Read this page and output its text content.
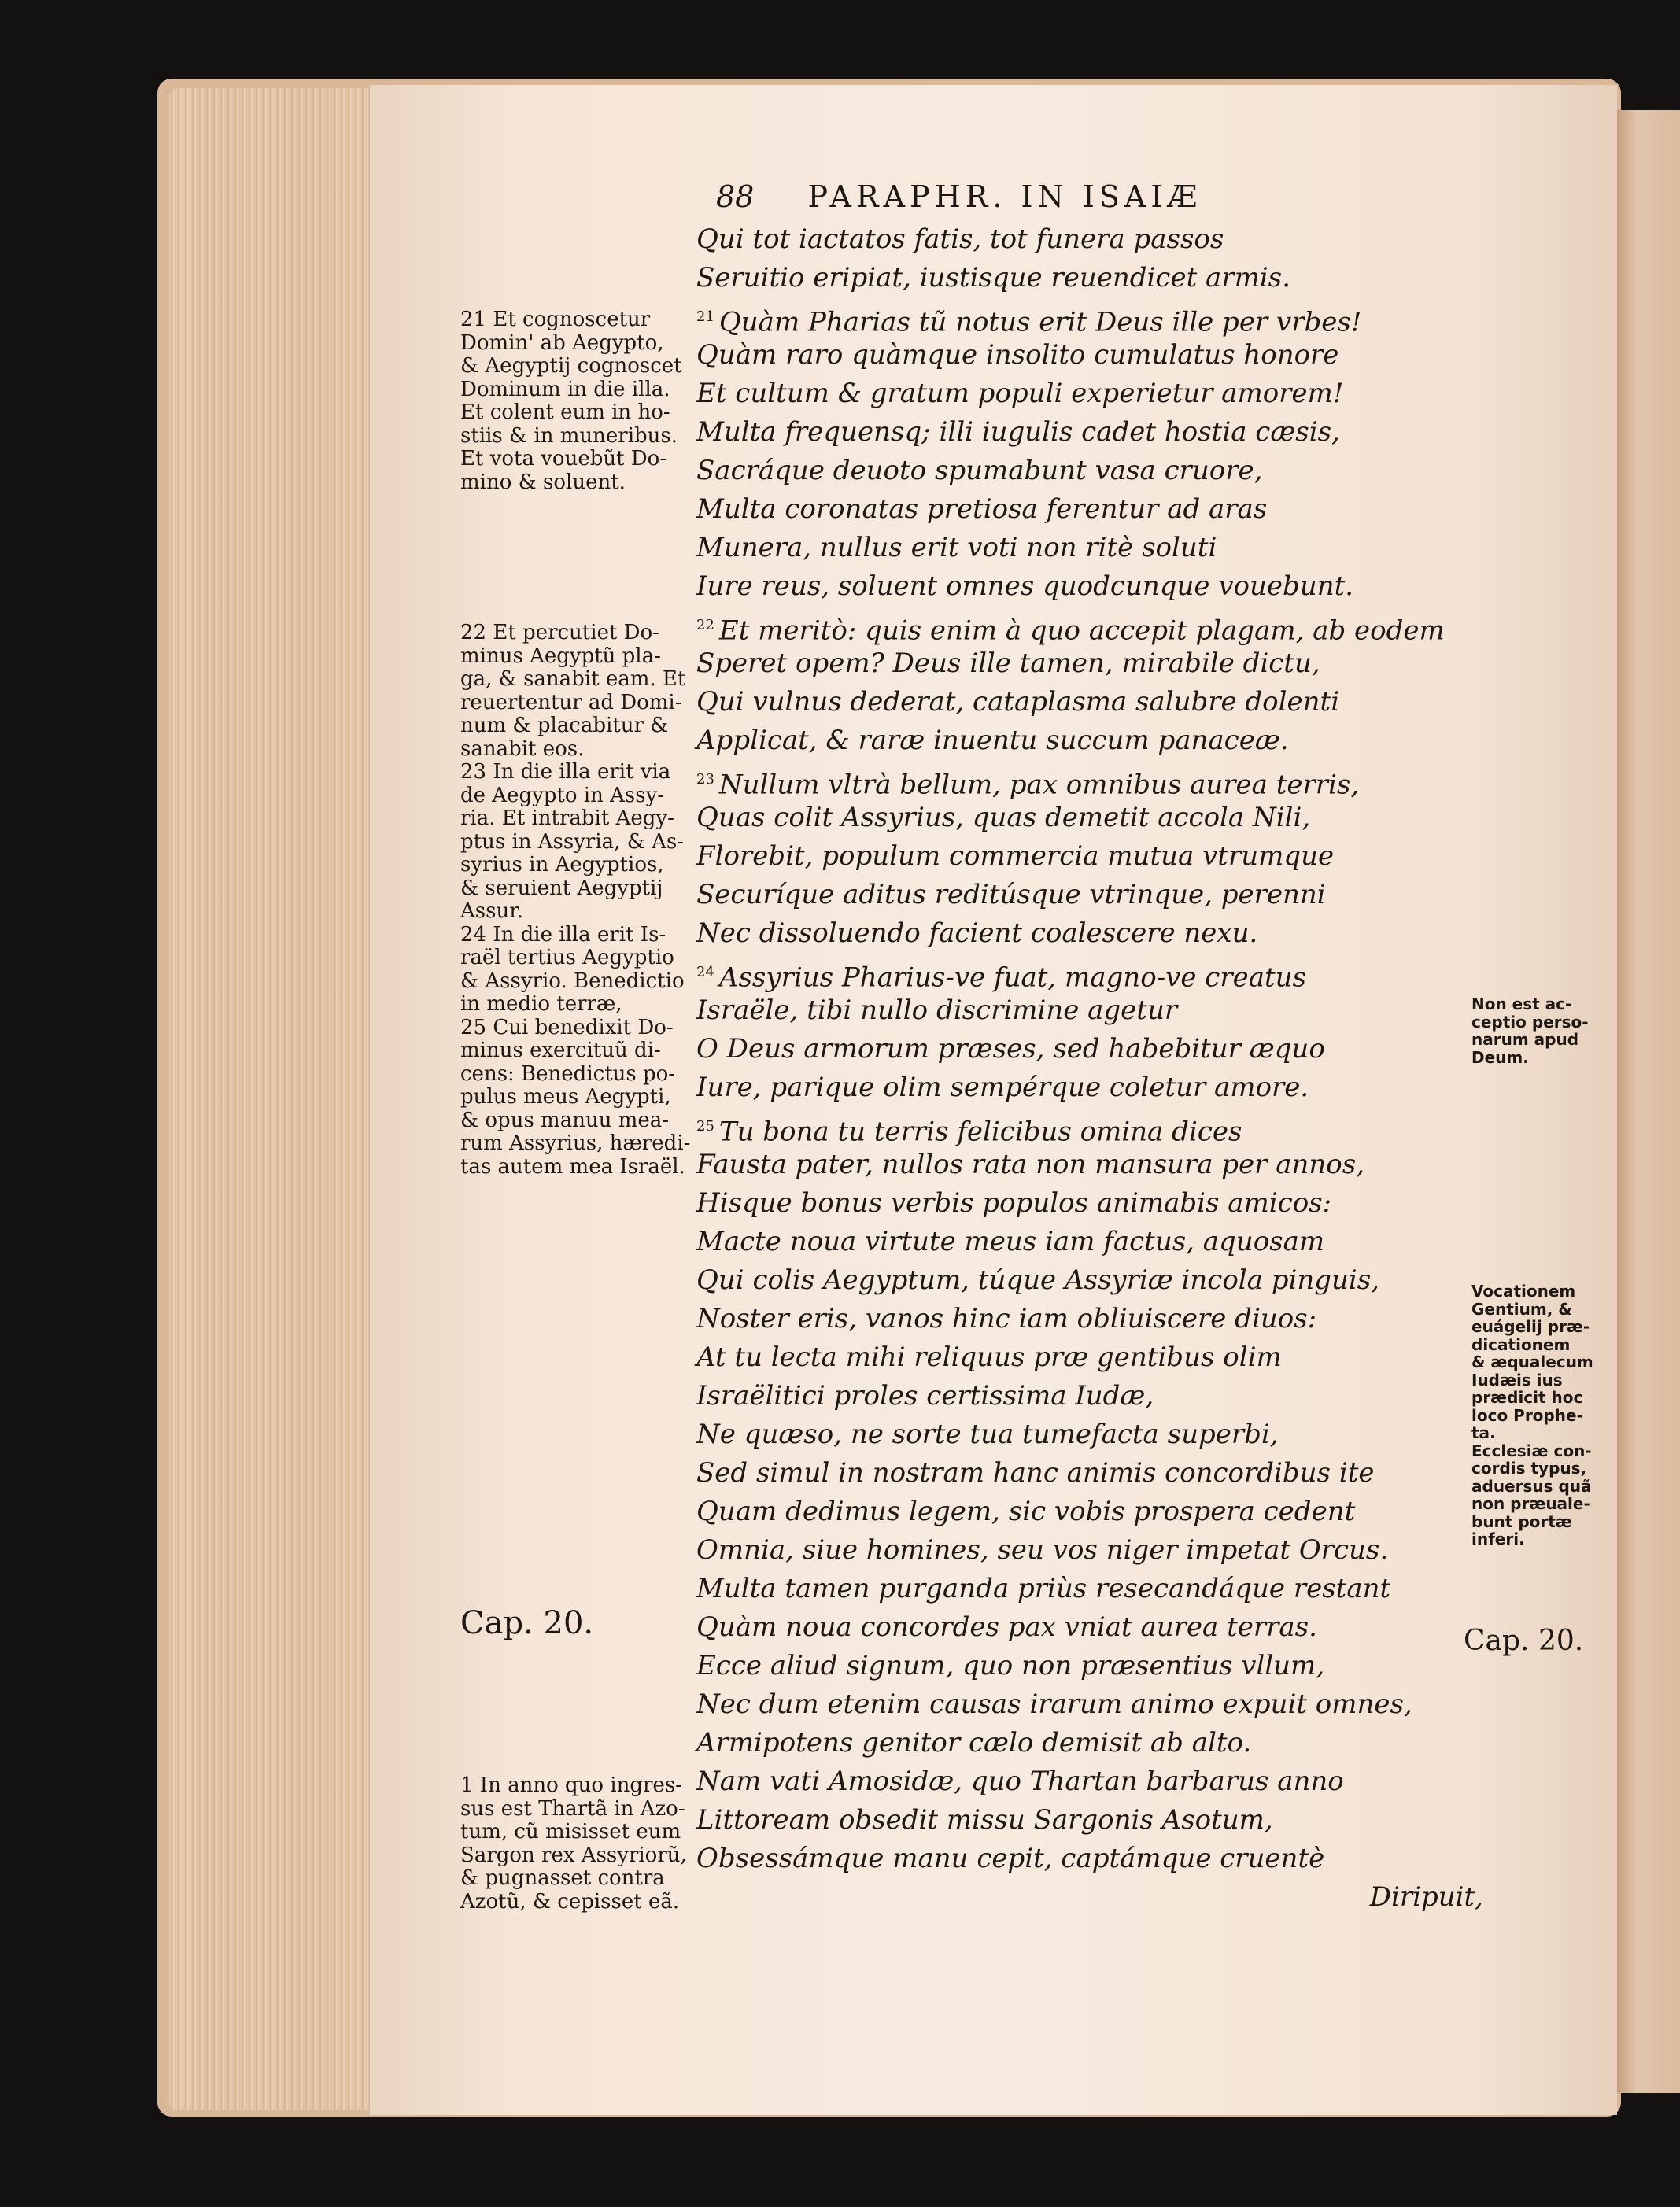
88 PARAPHR. IN ISAIÆ
Qui tot iactatos fatis, tot funera passos
Seruitio eripiat, iustisque reuendicet armis.
$^{21}$ Quàm Pharias tũ notus erit Deus ille per vrbes!
Quàm raro quàmque insolito cumulatus honore
Et cultum & gratum populi experietur amorem!
Multa frequensq; illi iugulis cadet hostia cæsis,
Sacráque deuoto spumabunt vasa cruore,
Multa coronatas pretiosa ferentur ad aras
Munera, nullus erit voti non ritè soluti
Iure reus, soluent omnes quodcunque vouebunt.
$^{22}$ Et meritò: quis enim à quo accepit plagam, ab eodem
Speret opem? Deus ille tamen, mirabile dictu,
Qui vulnus dederat, cataplasma salubre dolenti
Applicat, & raræ inuentu succum panaceæ.
$^{23}$ Nullum vltrà bellum, pax omnibus aurea terris,
Quas colit Assyrius, quas demetit accola Nili,
Florebit, populum commercia mutua vtrumque
Securíque aditus reditúsque vtrinque, perenni
Nec dissoluendo facient coalescere nexu.
$^{24}$ Assyrius Pharius-ve fuat, magno-ve creatus
Israële, tibi nullo discrimine agetur
O Deus armorum præses, sed habebitur æquo
Iure, parique olim sempérque coletur amore.
$^{25}$ Tu bona tu terris felicibus omina dices
Fausta pater, nullos rata non mansura per annos,
Hisque bonus verbis populos animabis amicos:
Macte noua virtute meus iam factus, aquosam
Qui colis Aegyptum, túque Assyriæ incola pinguis,
Noster eris, vanos hinc iam obliuiscere diuos:
At tu lecta mihi reliquus præ gentibus olim
Israëlitici proles certissima Iudæ,
Ne quæso, ne sorte tua tumefacta superbi,
Sed simul in nostram hanc animis concordibus ite
Quam dedimus legem, sic vobis prospera cedent
Omnia, siue homines, seu vos niger impetat Orcus.
Multa tamen purganda priùs resecandáque restant
Quàm noua concordes pax vniat aurea terras.
Ecce aliud signum, quo non præsentius vllum,
Nec dum etenim causas irarum animo expuit omnes,
Armipotens genitor cælo demisit ab alto.
Nam vati Amosidæ, quo Thartan barbarus anno
Littoream obsedit missu Sargonis Asotum,
Obsessámque manu cepit, captámque cruentè
Diripuit,
21 Et cognoscetur
Domin' ab Aegypto,
& Aegyptij cognoscet
Dominum in die illa.
Et colent eum in ho-
stiis & in muneribus.
Et vota vouebũt Do-
mino & soluent.
22 Et percutiet Do-
minus Aegyptũ pla-
ga, & sanabit eam. Et
reuertentur ad Domi-
num & placabitur &
sanabit eos.
23 In die illa erit via
de Aegypto in Assy-
ria. Et intrabit Aegy-
ptus in Assyria, & As-
syrius in Aegyptios,
& seruient Aegyptij
Assur.
24 In die illa erit Is-
raël tertius Aegyptio
& Assyrio. Benedictio
in medio terræ,
25 Cui benedixit Do-
minus exercituũ di-
cens: Benedictus po-
pulus meus Aegypti,
& opus manuu mea-
rum Assyrius, hæredi-
tas autem mea Israël.
1 In anno quo ingres-
sus est Thartã in Azo-
tum, cũ misisset eum
Sargon rex Assyriorũ,
& pugnasset contra
Azotũ, & cepisset eã.
Cap. 20.	Cap. 20.
Non est ac-
ceptio perso-
narum apud
Deum.
Vocationem
Gentium, &
euágelij præ-
dicationem
& æqualecum
Iudæis ius
prædicit hoc
loco Prophe-
ta.
Ecclesiæ con-
cordis typus,
aduersus quã
non præuale-
bunt portæ
inferi.
